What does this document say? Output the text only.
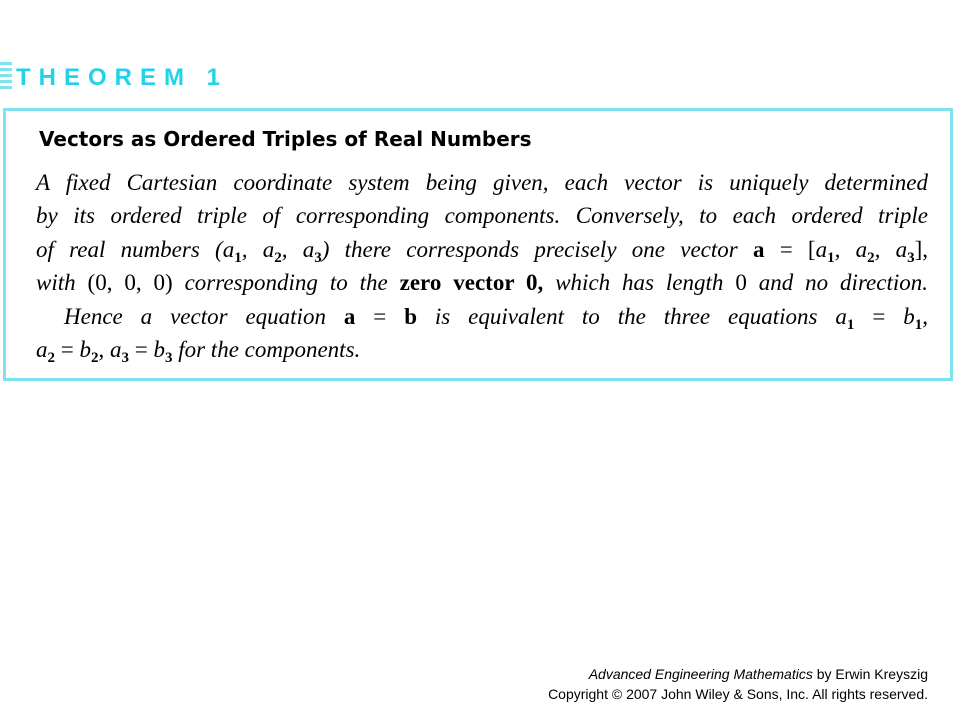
THEOREM 1
Vectors as Ordered Triples of Real Numbers
A fixed Cartesian coordinate system being given, each vector is uniquely determined
by its ordered triple of corresponding components. Conversely, to each ordered triple
of real numbers ($a_1$, $a_2$, $a_3$) there corresponds precisely one vector $a = [a_1$, $a_2$, $a_3$],
with (0, 0, 0) corresponding to the zero vector 0, which has length 0 and no direction.
Hence a vector equation a = b is equivalent to the three equations $a_1 = b_1$,
$a_2 = b_2$, $a_3 = b_3$ for the components.
Advanced Engineering Mathematics by Erwin Kreyszig
Copyright © 2007 John Wiley & Sons, Inc. All rights reserved.
